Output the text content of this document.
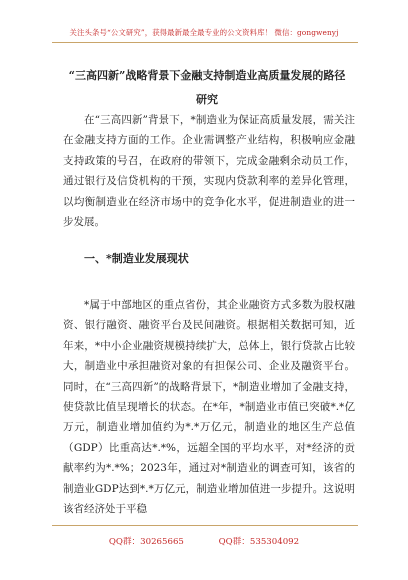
关注头条号“公文研究”，获得最新最全最专业的公文资料库！ 微信：gongwenyj
“三高四新”战略背景下金融支持制造业高质量发展的路径研究
在“三高四新”背景下，*制造业为保证高质量发展，需关注在金融支持方面的工作。企业需调整产业结构，积极响应金融支持政策的号召，在政府的带领下，完成金融剩余动员工作，通过银行及信贷机构的干预，实现内贷款利率的差异化管理，以均衡制造业在经济市场中的竞争化水平，促进制造业的进一步发展。
一、*制造业发展现状
*属于中部地区的重点省份，其企业融资方式多数为股权融资、银行融资、融资平台及民间融资。根据相关数据可知，近年来，*中小企业融资规模持续扩大，总体上，银行贷款占比较大，制造业中承担融资对象的有担保公司、企业及融资平台。同时，在“三高四新”的战略背景下，*制造业增加了金融支持，使贷款比值呈现增长的状态。在*年，*制造业市值已突破*.*亿万元，制造业增加值约为*.*万亿元，制造业的地区生产总值（GDP）比重高达*.*%，远超全国的平均水平，对*经济的贡献率约为*.*%；2023年，通过对*制造业的调查可知，该省的制造业GDP达到*.*万亿元，制造业增加值进一步提升。这说明该省经济处于平稳
QQ群：30265665	QQ群：535304092
